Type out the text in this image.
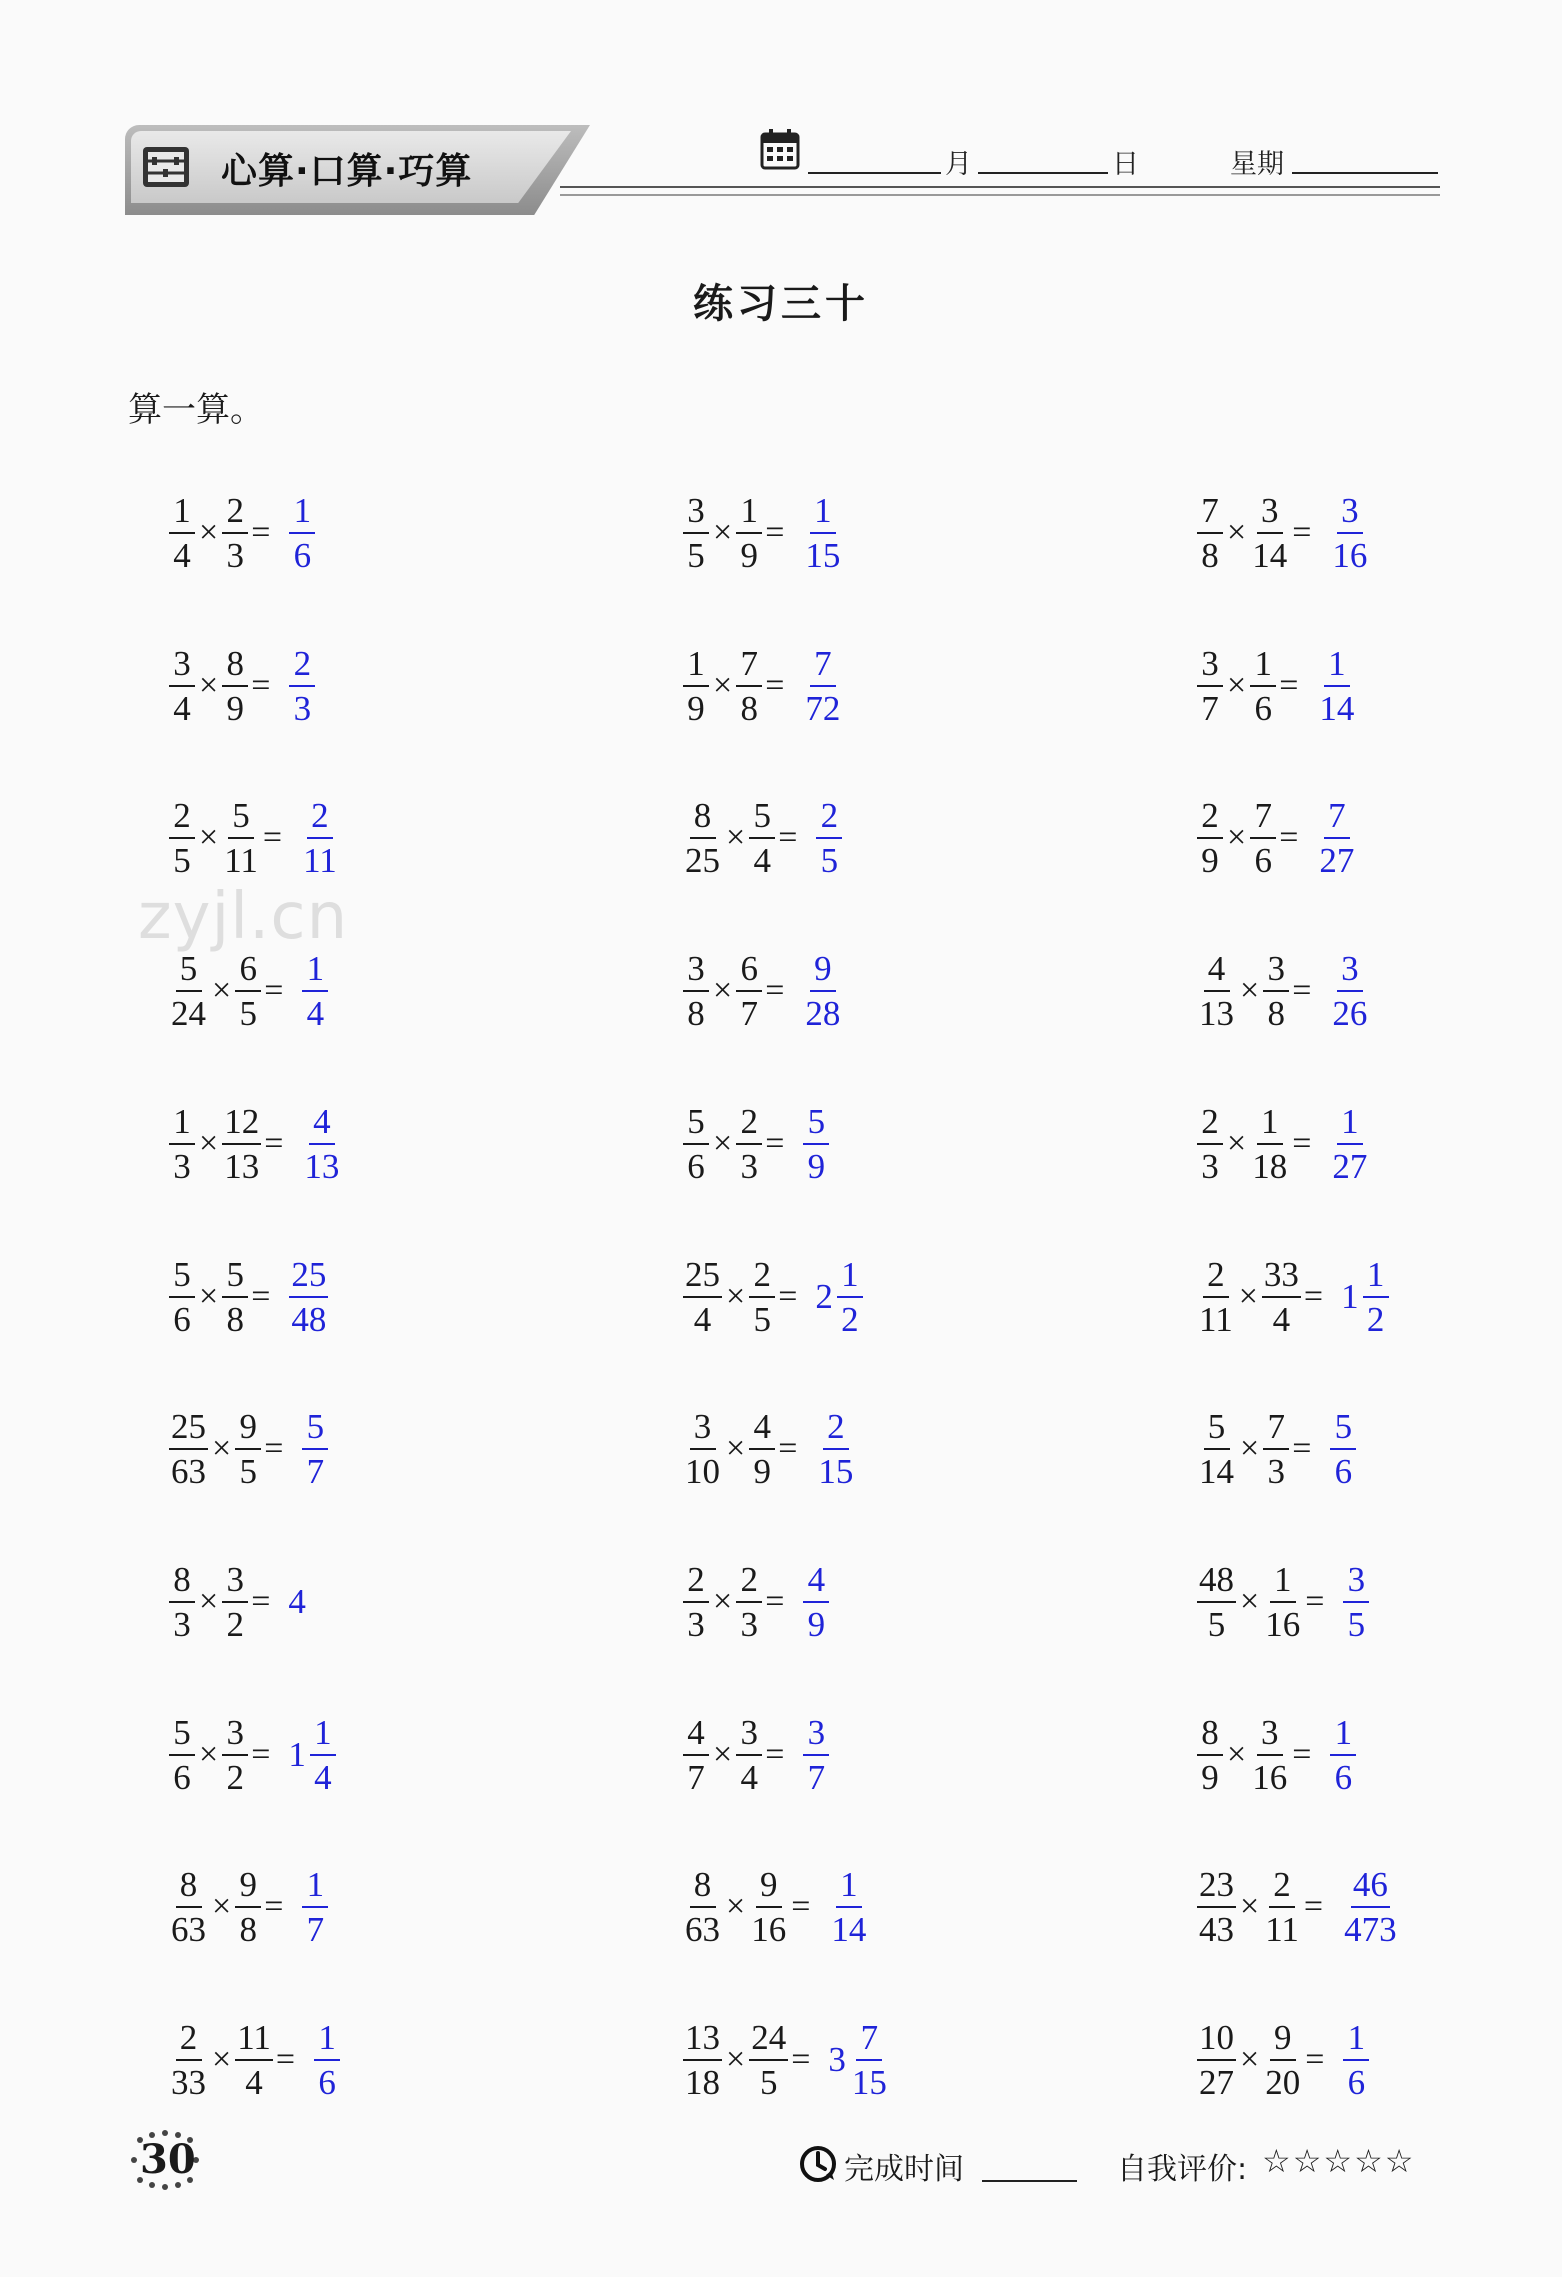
心算·口算·巧算	月	日	星期
练习三十
算一算。
zyjl.cn
$\frac{1}{4} \times \frac{2}{3} = \frac{1}{6}$	$\frac{3}{5} \times \frac{1}{9} = \frac{1}{15}$	$\frac{7}{8} \times \frac{3}{14} = \frac{3}{16}$
$\frac{3}{4} \times \frac{8}{9} = \frac{2}{3}$	$\frac{1}{9} \times \frac{7}{8} = \frac{7}{72}$	$\frac{3}{7} \times \frac{1}{6} = \frac{1}{14}$
$\frac{2}{5} \times \frac{5}{11} = \frac{2}{11}$	$\frac{8}{25} \times \frac{5}{4} = \frac{2}{5}$	$\frac{2}{9} \times \frac{7}{6} = \frac{7}{27}$
$\frac{5}{24} \times \frac{6}{5} = \frac{1}{4}$	$\frac{3}{8} \times \frac{6}{7} = \frac{9}{28}$	$\frac{4}{13} \times \frac{3}{8} = \frac{3}{26}$
$\frac{1}{3} \times \frac{12}{13} = \frac{4}{13}$	$\frac{5}{6} \times \frac{2}{3} = \frac{5}{9}$	$\frac{2}{3} \times \frac{1}{18} = \frac{1}{27}$
$\frac{5}{6} \times \frac{5}{8} = \frac{25}{48}$	$\frac{25}{4} \times \frac{2}{5} = 2 \frac{1}{2}$	$\frac{2}{11} \times \frac{33}{4} = 1 \frac{1}{2}$
$\frac{25}{63} \times \frac{9}{5} = \frac{5}{7}$	$\frac{3}{10} \times \frac{4}{9} = \frac{2}{15}$	$\frac{5}{14} \times \frac{7}{3} = \frac{5}{6}$
$\frac{8}{3} \times \frac{3}{2} = 4$	$\frac{2}{3} \times \frac{2}{3} = \frac{4}{9}$	$\frac{48}{5} \times \frac{1}{16} = \frac{3}{5}$
$\frac{5}{6} \times \frac{3}{2} = 1 \frac{1}{4}$	$\frac{4}{7} \times \frac{3}{4} = \frac{3}{7}$	$\frac{8}{9} \times \frac{3}{16} = \frac{1}{6}$
$\frac{8}{63} \times \frac{9}{8} = \frac{1}{7}$	$\frac{8}{63} \times \frac{9}{16} = \frac{1}{14}$	$\frac{23}{43} \times \frac{2}{11} = \frac{46}{473}$
$\frac{2}{33} \times \frac{11}{4} = \frac{1}{6}$	$\frac{13}{18} \times \frac{24}{5} = 3 \frac{7}{15}$	$\frac{10}{27} \times \frac{9}{20} = \frac{1}{6}$
30	完成时间	自我评价: ☆☆☆☆☆
